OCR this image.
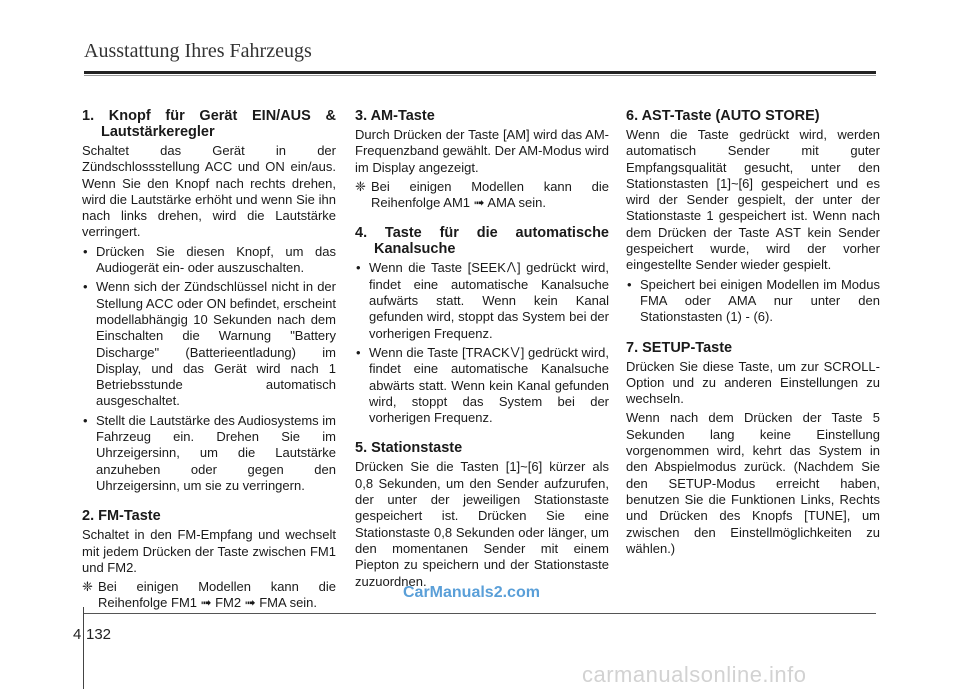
Ausstattung Ihres Fahrzeugs
1. Knopf für Gerät EIN/AUS & Lautstärkeregler

Schaltet das Gerät in der Zündschlossstellung ACC und ON ein/aus. Wenn Sie den Knopf nach rechts drehen, wird die Lautstärke erhöht und wenn Sie ihn nach links drehen, wird die Lautstärke verringert.

• Drücken Sie diesen Knopf, um das Audiogerät ein- oder auszuschalten.
• Wenn sich der Zündschlüssel nicht in der Stellung ACC oder ON befindet, erscheint modellabhängig 10 Sekunden nach dem Einschalten die Warnung "Battery Discharge" (Batterieentladung) im Display, und das Gerät wird nach 1 Betriebsstunde automatisch ausgeschaltet.
• Stellt die Lautstärke des Audiosystems im Fahrzeug ein. Drehen Sie im Uhrzeigersinn, um die Lautstärke anzuheben oder gegen den Uhrzeigersinn, um sie zu verringern.
2. FM-Taste

Schaltet in den FM-Empfang und wechselt mit jedem Drücken der Taste zwischen FM1 und FM2.

❈ Bei einigen Modellen kann die Reihenfolge FM1 ➟ FM2 ➟ FMA sein.

3. AM-Taste

Durch Drücken der Taste [AM] wird das AM-Frequenzband gewählt. Der AM-Modus wird im Display angezeigt.

❈ Bei einigen Modellen kann die Reihenfolge AM1 ➟ AMA sein.

4. Taste für die automatische Kanalsuche
• Wenn die Taste [SEEK⋀] gedrückt wird, findet eine automatische Kanalsuche aufwärts statt. Wenn kein Kanal gefunden wird, stoppt das System bei der vorherigen Frequenz.
• Wenn die Taste [TRACK⋁] gedrückt wird, findet eine automatische Kanalsuche abwärts statt. Wenn kein Kanal gefunden wird, stoppt das System bei der vorherigen Frequenz.
5. Stationstaste

Drücken Sie die Tasten [1]~[6] kürzer als 0,8 Sekunden, um den Sender aufzurufen, der unter der jeweiligen Stationstaste gespeichert ist. Drücken Sie eine Stationstaste 0,8 Sekunden oder länger, um den momentanen Sender mit einem Piepton zu speichern und der Stationstaste zuzuordnen.

6. AST-Taste (AUTO STORE)

Wenn die Taste gedrückt wird, werden automatisch Sender mit guter Empfangsqualität gesucht, unter den Stationstasten [1]~[6] gespeichert und es wird der Sender gespielt, der unter der Stationstaste 1 gespeichert ist. Wenn nach dem Drücken der Taste AST kein Sender gespeichert wurde, wird der vorher eingestellte Sender wieder gespielt.

• Speichert bei einigen Modellen im Modus FMA oder AMA nur unter den Stationstasten (1) - (6).
7. SETUP-Taste

Drücken Sie diese Taste, um zur SCROLL-Option und zu anderen Einstellungen zu wechseln.

Wenn nach dem Drücken der Taste 5 Sekunden lang keine Einstellung vorgenommen wird, kehrt das System in den Abspielmodus zurück. (Nachdem Sie den SETUP-Modus erreicht haben, benutzen Sie die Funktionen Links, Rechts und Drücken des Knopfs [TUNE], um zwischen den Einstellmöglichkeiten zu wählen.)

CarManuals2.com
4 132
carmanualsonline.info
